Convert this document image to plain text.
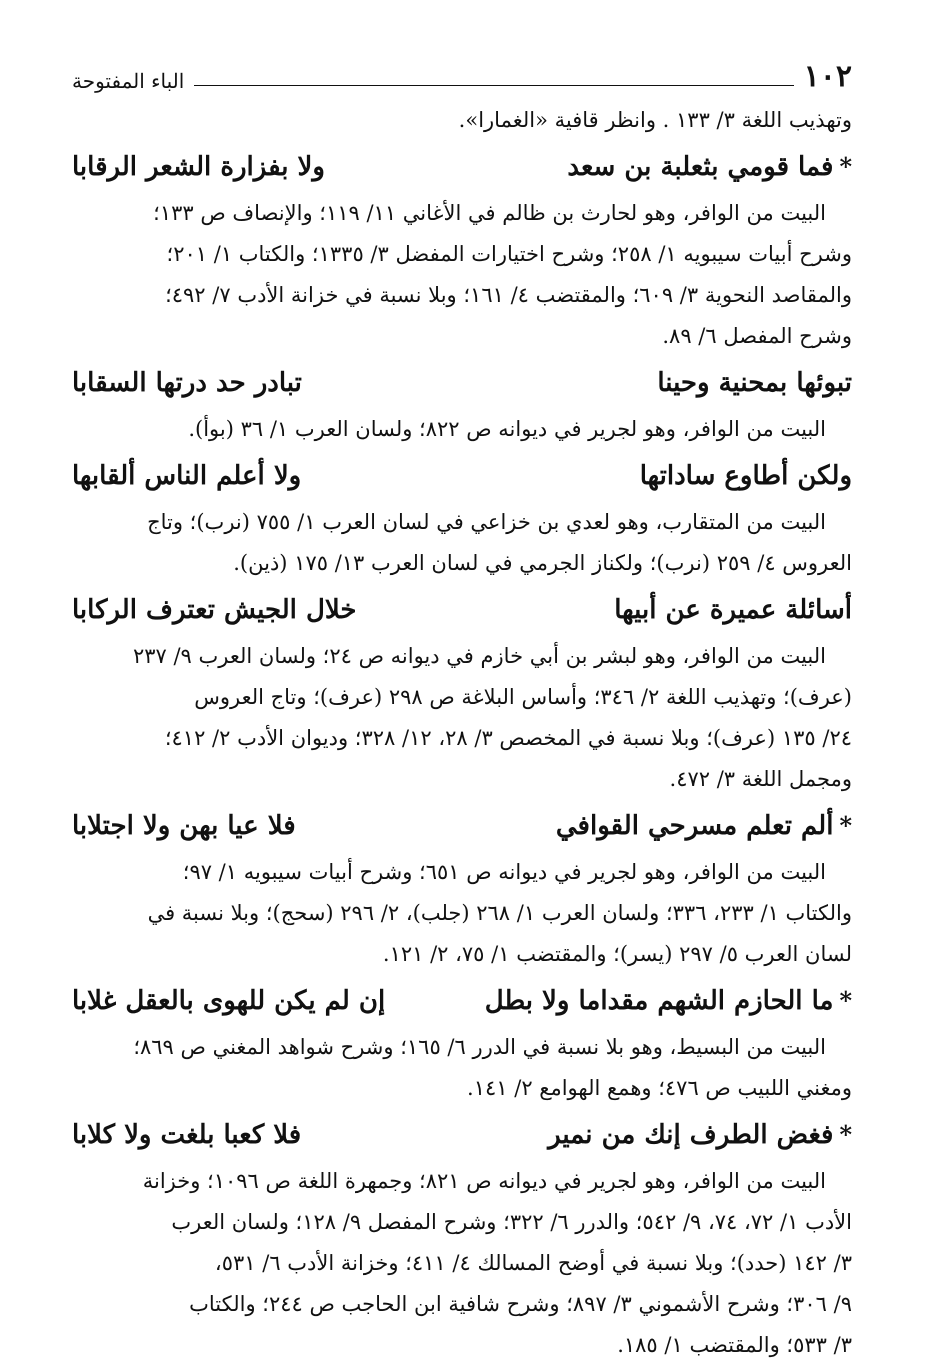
١٠٢
الباء المفتوحة
وتهذيب اللغة ٣/ ١٣٣ . وانظر قافية «الغمارا».
*
فما قومي بثعلبة بن سعد
ولا بفزارة الشعر الرقابا
البيت من الوافر، وهو لحارث بن ظالم في الأغاني ١١/ ١١٩؛ والإنصاف ص ١٣٣؛
وشرح أبيات سيبويه ١/ ٢٥٨؛ وشرح اختيارات المفضل ٣/ ١٣٣٥؛ والكتاب ١/ ٢٠١؛
والمقاصد النحوية ٣/ ٦٠٩؛ والمقتضب ٤/ ١٦١؛ وبلا نسبة في خزانة الأدب ٧/ ٤٩٢؛
وشرح المفصل ٦/ ٨٩.
تبوئها بمحنية وحينا
تبادر حد درتها السقابا
البيت من الوافر، وهو لجرير في ديوانه ص ٨٢٢؛ ولسان العرب ١/ ٣٦ (بوأ).
ولكن أطاوع ساداتها
ولا أعلم الناس ألقابها
البيت من المتقارب، وهو لعدي بن خزاعي في لسان العرب ١/ ٧٥٥ (نرب)؛ وتاج
العروس ٤/ ٢٥٩ (نرب)؛ ولكناز الجرمي في لسان العرب ١٣/ ١٧٥ (ذين).
أسائلة عميرة عن أبيها
خلال الجيش تعترف الركابا
البيت من الوافر، وهو لبشر بن أبي خازم في ديوانه ص ٢٤؛ ولسان العرب ٩/ ٢٣٧
(عرف)؛ وتهذيب اللغة ٢/ ٣٤٦؛ وأساس البلاغة ص ٢٩٨ (عرف)؛ وتاج العروس
٢٤/ ١٣٥ (عرف)؛ وبلا نسبة في المخصص ٣/ ٢٨، ١٢/ ٣٢٨؛ وديوان الأدب ٢/ ٤١٢؛
ومجمل اللغة ٣/ ٤٧٢.
*
ألم تعلم مسرحي القوافي
فلا عيا بهن ولا اجتلابا
البيت من الوافر، وهو لجرير في ديوانه ص ٦٥١؛ وشرح أبيات سيبويه ١/ ٩٧؛
والكتاب ١/ ٢٣٣، ٣٣٦؛ ولسان العرب ١/ ٢٦٨ (جلب)، ٢/ ٢٩٦ (سحج)؛ وبلا نسبة في
لسان العرب ٥/ ٢٩٧ (يسر)؛ والمقتضب ١/ ٧٥، ٢/ ١٢١.
*
ما الحازم الشهم مقداما ولا بطل
إن لم يكن للهوى بالعقل غلابا
البيت من البسيط، وهو بلا نسبة في الدرر ٦/ ١٦٥؛ وشرح شواهد المغني ص ٨٦٩؛
ومغني اللبيب ص ٤٧٦؛ وهمع الهوامع ٢/ ١٤١.
*
فغض الطرف إنك من نمير
فلا كعبا بلغت ولا كلابا
البيت من الوافر، وهو لجرير في ديوانه ص ٨٢١؛ وجمهرة اللغة ص ١٠٩٦؛ وخزانة
الأدب ١/ ٧٢، ٧٤، ٩/ ٥٤٢؛ والدرر ٦/ ٣٢٢؛ وشرح المفصل ٩/ ١٢٨؛ ولسان العرب
٣/ ١٤٢ (حدد)؛ وبلا نسبة في أوضح المسالك ٤/ ٤١١؛ وخزانة الأدب ٦/ ٥٣١،
٩/ ٣٠٦؛ وشرح الأشموني ٣/ ٨٩٧؛ وشرح شافية ابن الحاجب ص ٢٤٤؛ والكتاب
٣/ ٥٣٣؛ والمقتضب ١/ ١٨٥.
